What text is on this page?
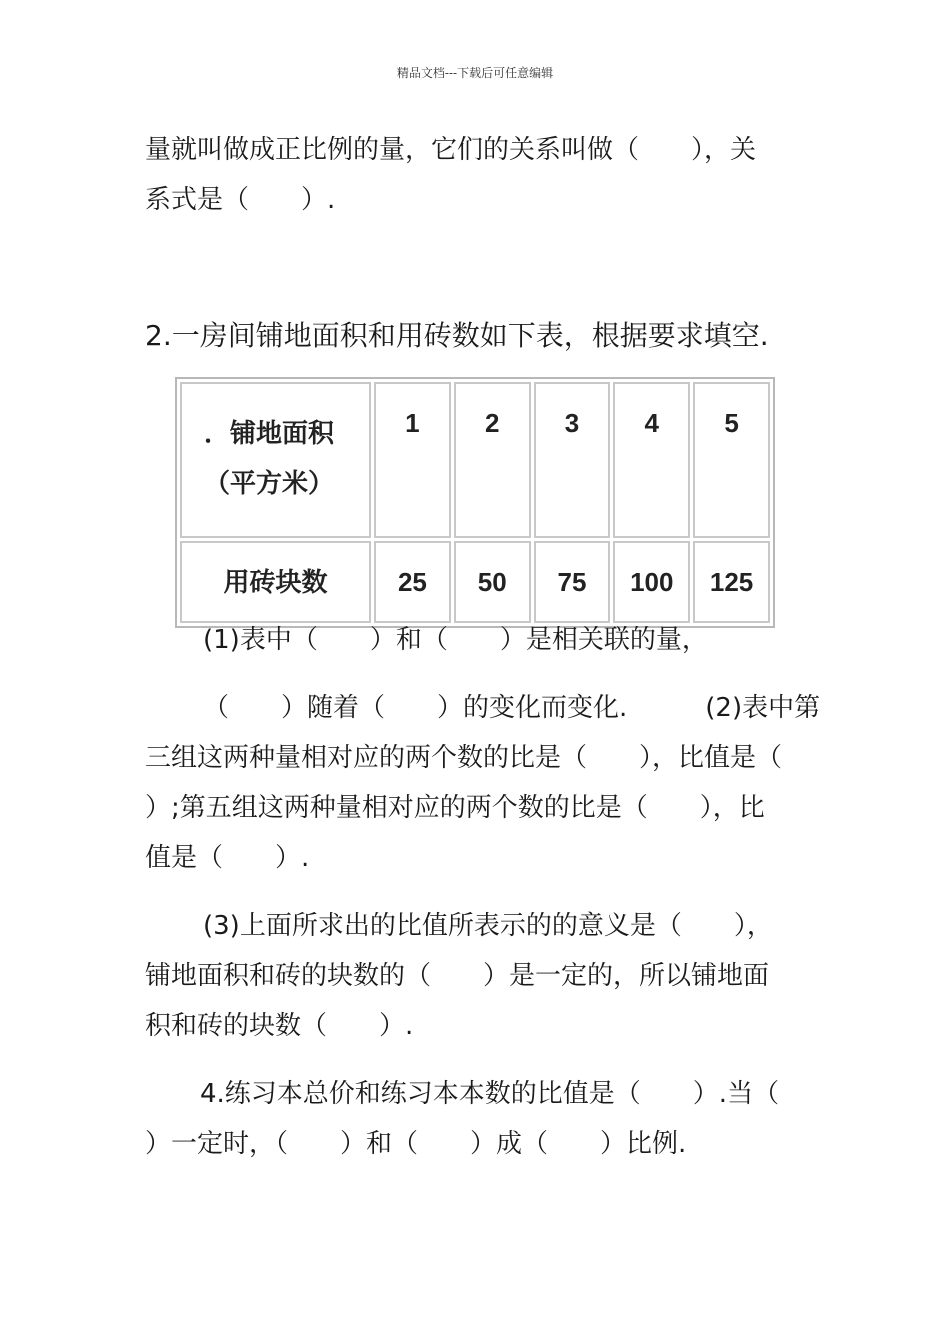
精品文档---下载后可任意编辑
量就叫做成正比例的量，它们的关系叫做（　　），关
系式是（　　）.
2.一房间铺地面积和用砖数如下表，根据要求填空.
．铺地面积
（平方米）	1	2	3	4	5
用砖块数	25	50	75	100	125
(1)表中（　　）和（　　）是相关联的量，
（　　）随着（　　）的变化而变化.　　　(2)表中第
三组这两种量相对应的两个数的比是（　　），比值是（
）;第五组这两种量相对应的两个数的比是（　　），比
值是（　　）.
(3)上面所求出的比值所表示的的意义是（　　），
铺地面积和砖的块数的（　　）是一定的，所以铺地面
积和砖的块数（　　）.
4.练习本总价和练习本本数的比值是（　　）.当（
）一定时，（　　）和（　　）成（　　）比例.
